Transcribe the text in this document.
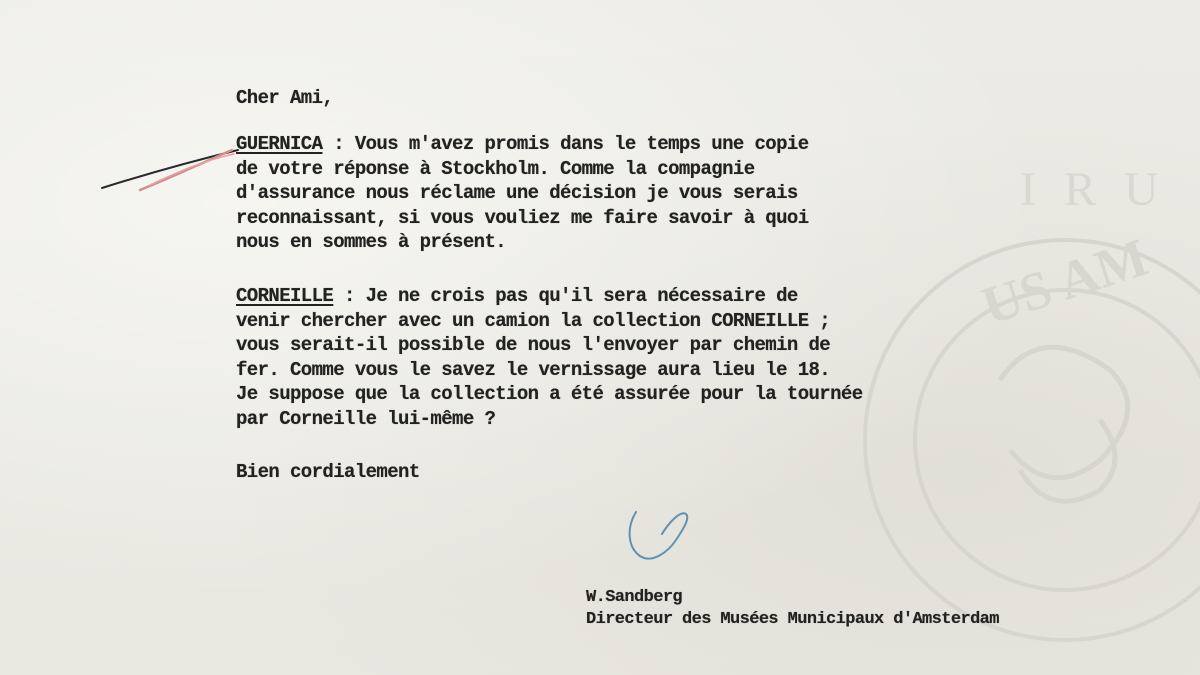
I R U
US AM
Cher Ami,
GUERNICA : Vous m'avez promis dans le temps une copie
de votre réponse à Stockholm. Comme la compagnie
d'assurance nous réclame une décision je vous serais
reconnaissant, si vous vouliez me faire savoir à quoi
nous en sommes à présent.
CORNEILLE : Je ne crois pas qu'il sera nécessaire de
venir chercher avec un camion la collection CORNEILLE ;
vous serait-il possible de nous l'envoyer par chemin de
fer. Comme vous le savez le vernissage aura lieu le 18.
Je suppose que la collection a été assurée pour la tournée
par Corneille lui-même ?
Bien cordialement
W.Sandberg
Directeur des Musées Municipaux d'Amsterdam
